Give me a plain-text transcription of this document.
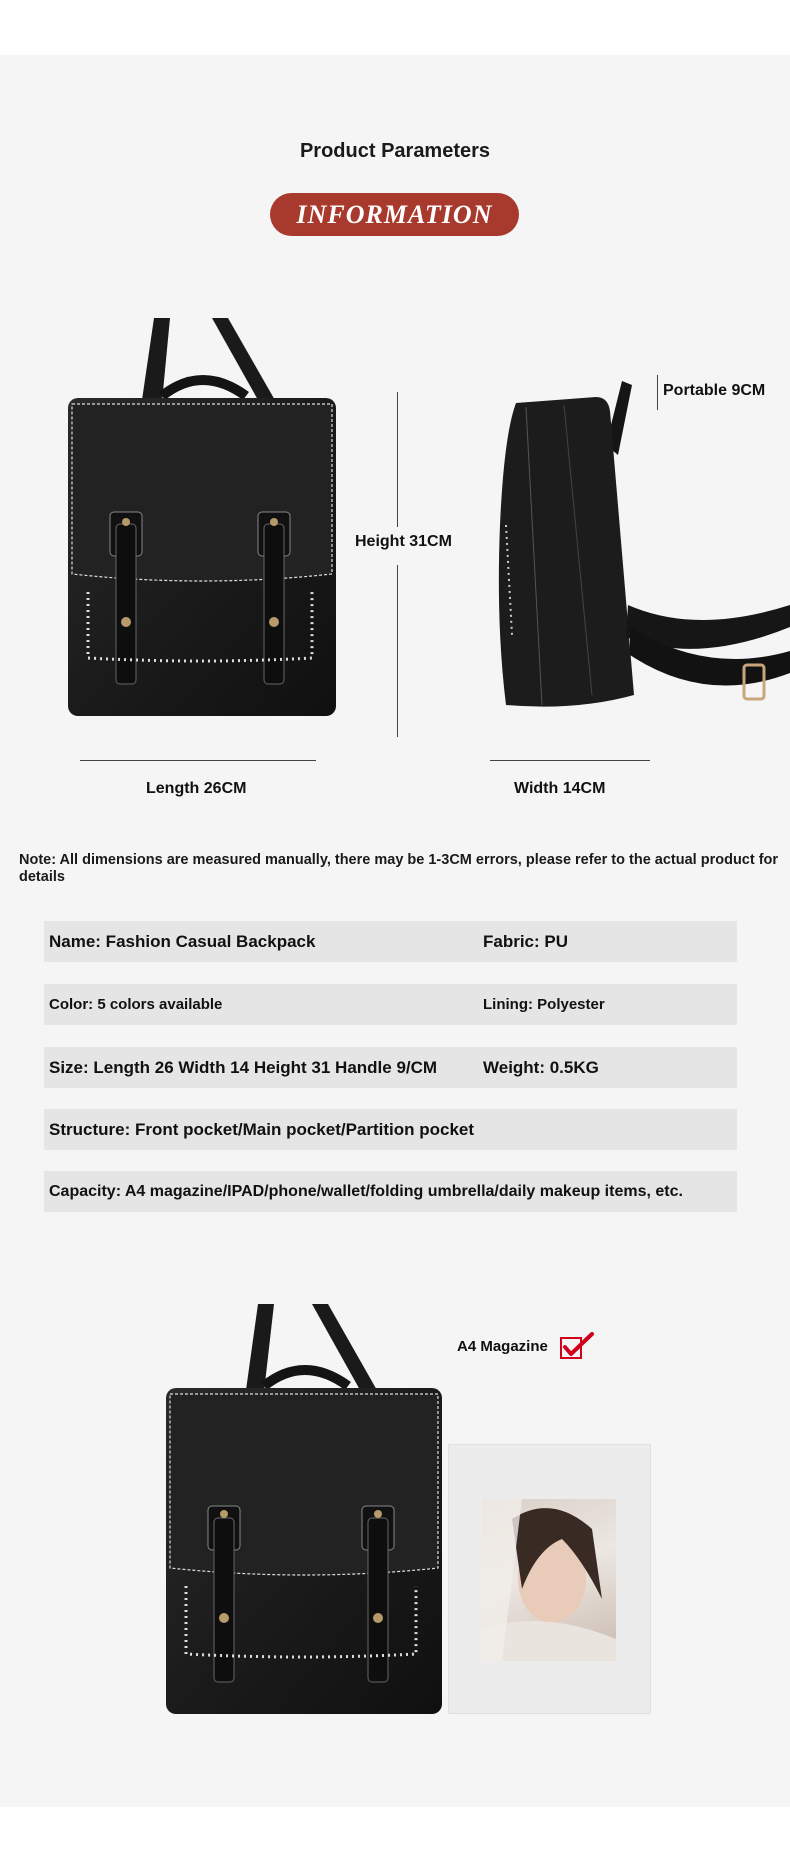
Product Parameters
INFORMATION
Height 31CM
Length 26CM
Portable 9CM
Width 14CM
Note: All dimensions are measured manually, there may be 1-3CM errors, please refer to the actual product for details
Name: Fashion Casual Backpack	Fabric: PU
Color: 5 colors available	Lining: Polyester
Size: Length 26 Width 14 Height 31 Handle 9/CM	Weight: 0.5KG
Structure: Front pocket/Main pocket/Partition pocket
Capacity: A4 magazine/IPAD/phone/wallet/folding umbrella/daily makeup items, etc.
A4 Magazine
